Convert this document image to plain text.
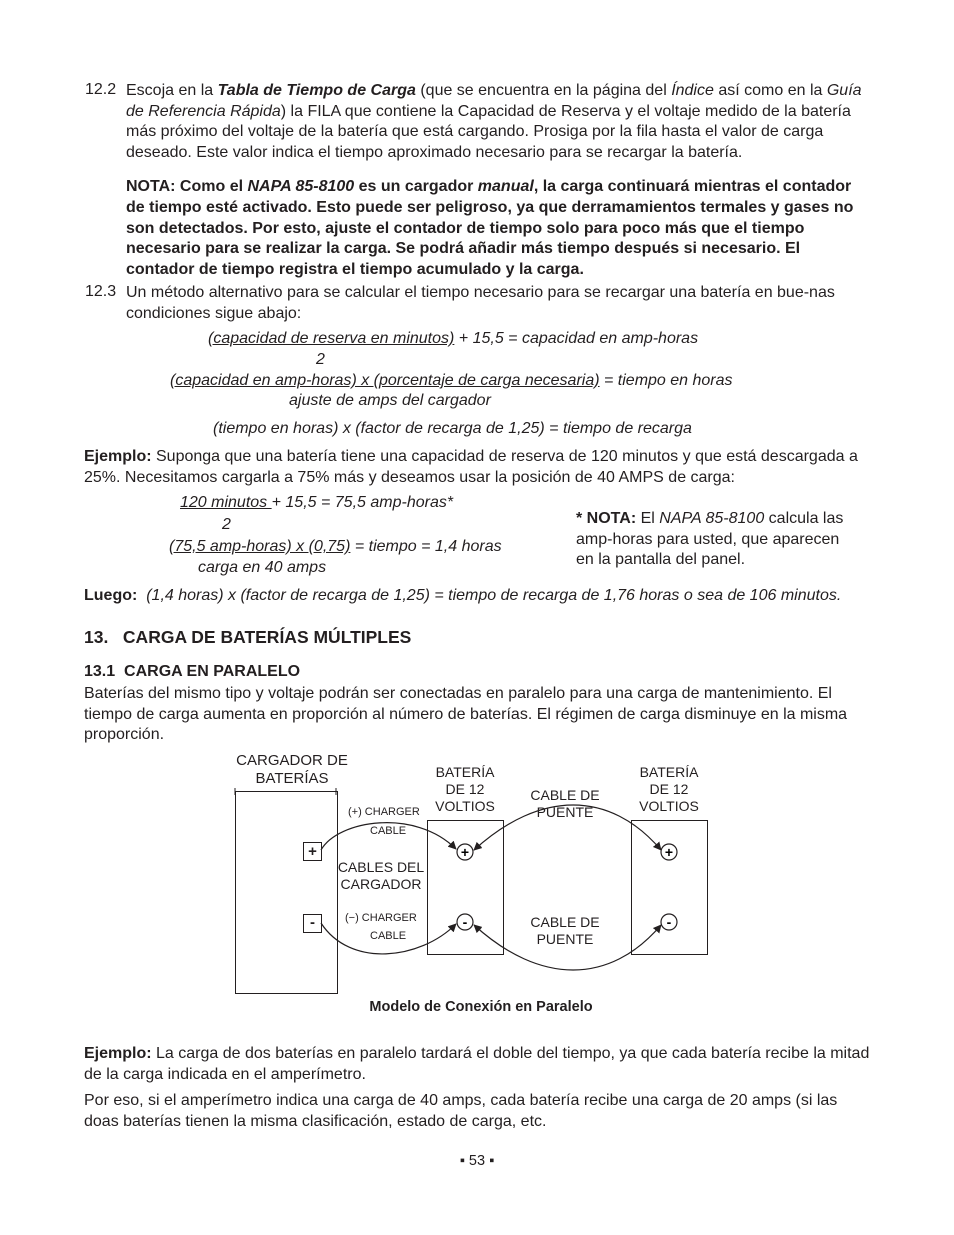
12.2 Escoja en la Tabla de Tiempo de Carga (que se encuentra en la página del Índice así como en la Guía de Referencia Rápida) la FILA que contiene la Capacidad de Reserva y el voltaje medido de la batería más próximo del voltaje de la batería que está cargando. Prosiga por la fila hasta el valor de carga deseado. Este valor indica el tiempo aproximado necesario para se recargar la batería.
NOTA: Como el NAPA 85-8100 es un cargador manual, la carga continuará mientras el contador de tiempo esté activado. Esto puede ser peligroso, ya que derramamientos termales y gases no son detectados. Por esto, ajuste el contador de tiempo solo para poco más que el tiempo necesario para se realizar la carga. Se podrá añadir más tiempo después si necesario. El contador de tiempo registra el tiempo acumulado y la carga.
12.3 Un método alternativo para se calcular el tiempo necesario para se recargar una batería en bue-nas condiciones sigue abajo:
(capacidad de reserva en minutos) + 15,5 = capacidad en amp-horas
2
(capacidad en amp-horas) x (porcentaje de carga necesaria) = tiempo en horas
ajuste de amps del cargador
(tiempo en horas) x (factor de recarga de 1,25) = tiempo de recarga
Ejemplo: Suponga que una batería tiene una capacidad de reserva de 120 minutos y que está descargada a 25%. Necesitamos cargarla a 75% más y deseamos usar la posición de 40 AMPS de carga:
120 minutos + 15,5 = 75,5 amp-horas*
2
(75,5 amp-horas) x (0,75) = tiempo = 1,4 horas
carga en 40 amps
* NOTA: El NAPA 85-8100 calcula las amp-horas para usted, que aparecen en la pantalla del panel.
Luego: (1,4 horas) x (factor de recarga de 1,25) = tiempo de recarga de 1,76 horas o sea de 106 minutos.
13.   CARGA DE BATERÍAS MÚLTIPLES
13.1  CARGA EN PARALELO
Baterías del mismo tipo y voltaje podrán ser conectadas en paralelo para una carga de mantenimiento. El tiempo de carga aumenta en proporción al número de baterías. El régimen de carga disminuye en la misma proporción.
CARGADOR DE BATERÍAS
+
-
BATERÍA DE 12 VOLTIOS
BATERÍA DE 12 VOLTIOS
CABLE DE PUENTE
CABLE DE PUENTE
CABLES DEL CARGADOR
(+) CHARGER
CABLE
(−) CHARGER
CABLE
+
-
+
-
Modelo de Conexión en Paralelo
Ejemplo: La carga de dos baterías en paralelo tardará el doble del tiempo, ya que cada batería recibe la mitad de la carga indicada en el amperímetro.
Por eso, si el amperímetro indica una carga de 40 amps, cada batería recibe una carga de 20 amps (si las doas baterías tienen la misma clasificación, estado de carga, etc.
▪ 53 ▪
